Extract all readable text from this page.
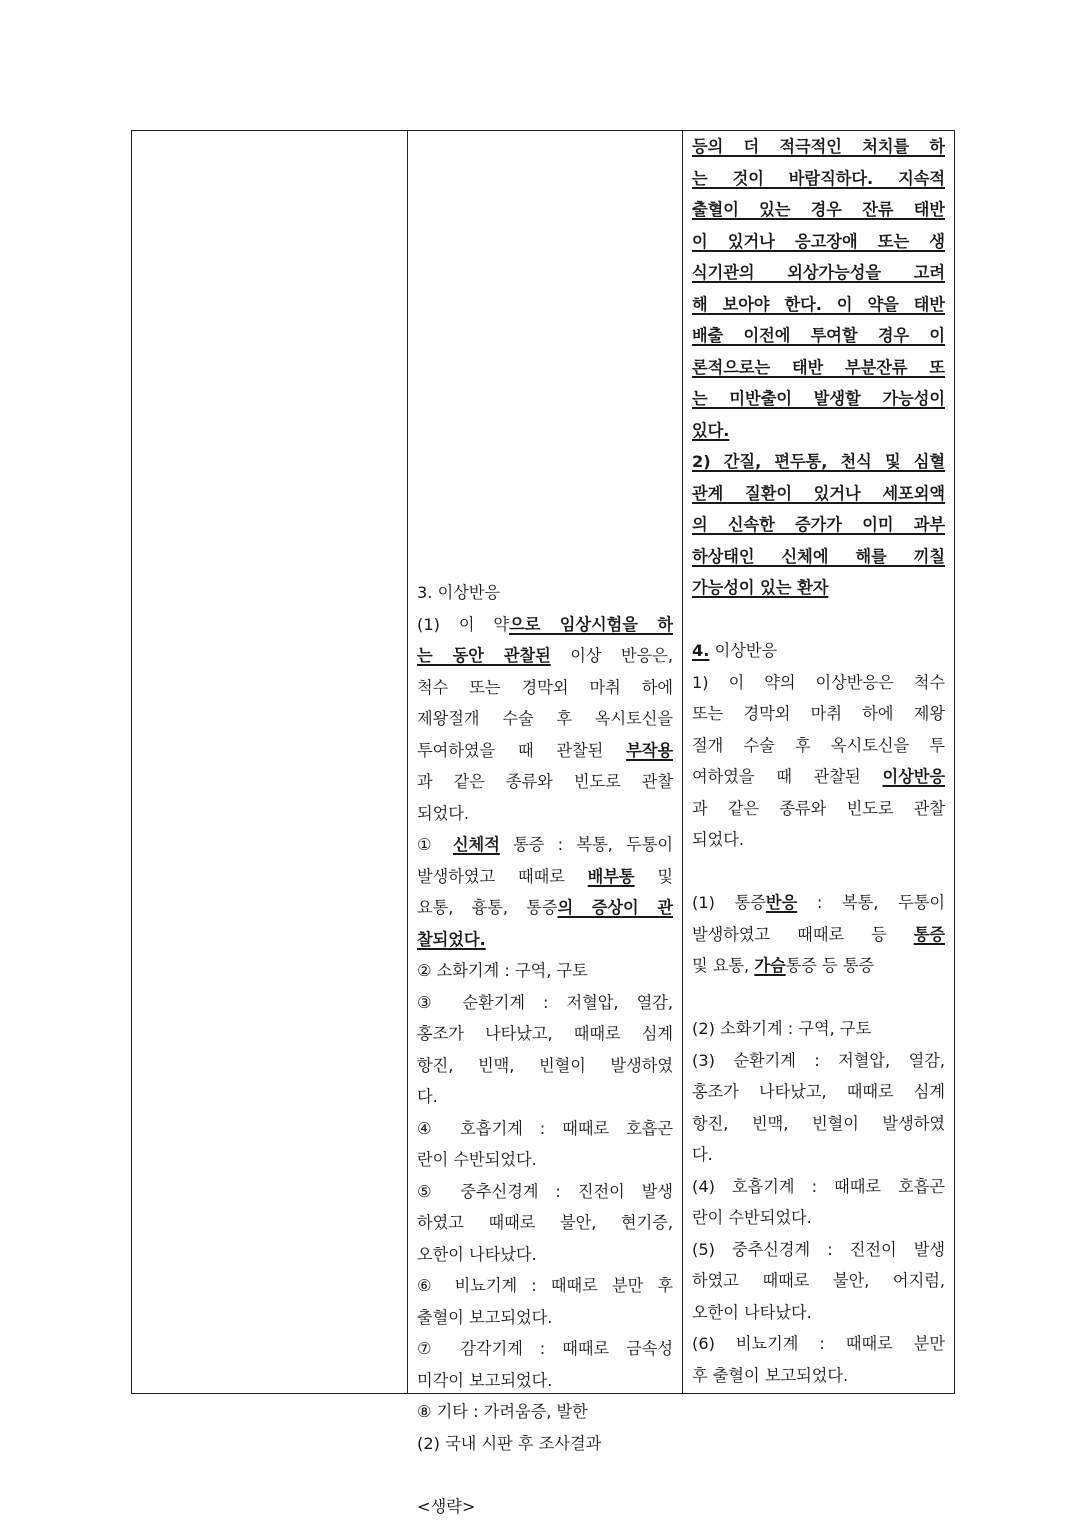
3. 이상반응
(1) 이 약으로 임상시험을 하
는 동안 관찰된 이상 반응은,
척수 또는 경막외 마취 하에
제왕절개 수술 후 옥시토신을
투여하였을 때 관찰된 부작용
과 같은 종류와 빈도로 관찰
되었다.
① 신체적 통증 : 복통, 두통이
발생하였고 때때로 배부통 및
요통, 흉통, 통증의 증상이 관
찰되었다.
② 소화기계 : 구역, 구토
③ 순환기계 : 저혈압, 열감,
홍조가 나타났고, 때때로 심계
항진, 빈맥, 빈혈이 발생하였
다.
④ 호흡기계 : 때때로 호흡곤
란이 수반되었다.
⑤ 중추신경계 : 진전이 발생
하였고 때때로 불안, 현기증,
오한이 나타났다.
⑥ 비뇨기계 : 때때로 분만 후
출혈이 보고되었다.
⑦ 감각기계 : 때때로 금속성
미각이 보고되었다.
⑧ 기타 : 가려움증, 발한
(2) 국내 시판 후 조사결과
<생략>
등의 더 적극적인 처치를 하
는 것이 바람직하다. 지속적
출혈이 있는 경우 잔류 태반
이 있거나 응고장애 또는 생
식기관의 외상가능성을 고려
해 보아야 한다. 이 약을 태반
배출 이전에 투여할 경우 이
론적으로는 태반 부분잔류 또
는 미반출이 발생할 가능성이
있다.
2) 간질, 편두통, 천식 및 심혈
관계 질환이 있거나 세포외액
의 신속한 증가가 이미 과부
하상태인 신체에 해를 끼칠
가능성이 있는 환자
4. 이상반응
1) 이 약의 이상반응은 척수
또는 경막외 마취 하에 제왕
절개 수술 후 옥시토신을 투
여하였을 때 관찰된 이상반응
과 같은 종류와 빈도로 관찰
되었다.
(1) 통증반응 : 복통, 두통이
발생하였고 때때로 등 통증
및 요통, 가슴통증 등 통증
(2) 소화기계 : 구역, 구토
(3) 순환기계 : 저혈압, 열감,
홍조가 나타났고, 때때로 심계
항진, 빈맥, 빈혈이 발생하였
다.
(4) 호흡기계 : 때때로 호흡곤
란이 수반되었다.
(5) 중추신경계 : 진전이 발생
하였고 때때로 불안, 어지럼,
오한이 나타났다.
(6) 비뇨기계 : 때때로 분만
후 출혈이 보고되었다.
